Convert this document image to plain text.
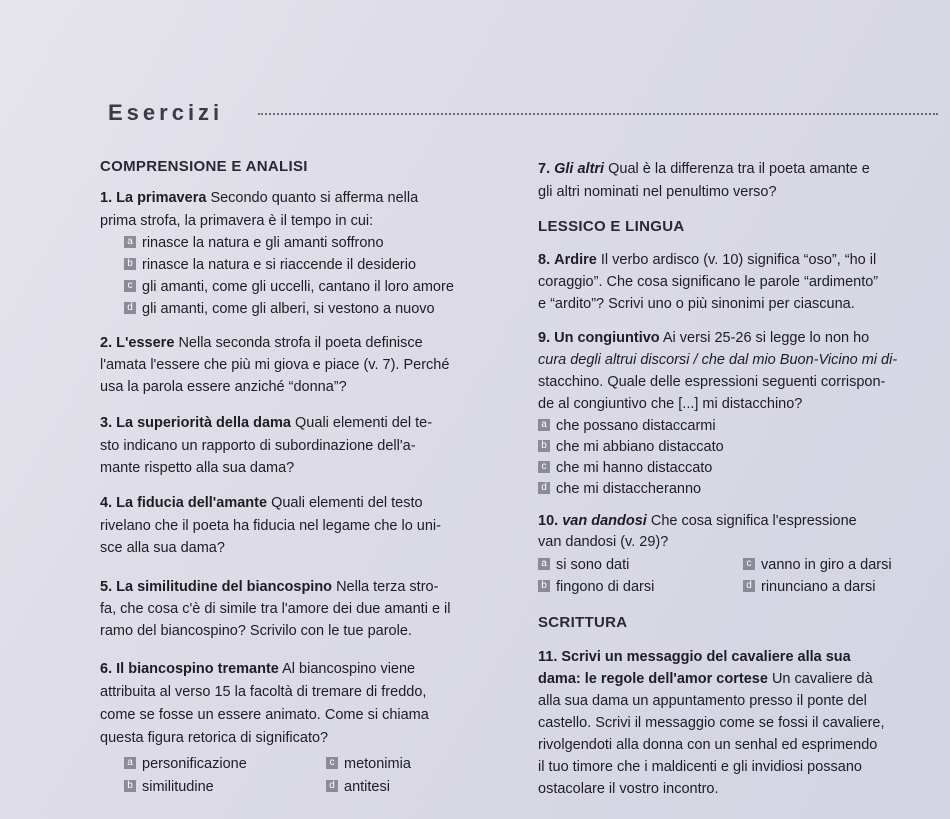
Esercizi
COMPRENSIONE E ANALISI
1. La primavera Secondo quanto si afferma nella
prima strofa, la primavera è il tempo in cui:
a rinasce la natura e gli amanti soffrono
b rinasce la natura e si riaccende il desiderio
c gli amanti, come gli uccelli, cantano il loro amore
d gli amanti, come gli alberi, si vestono a nuovo
2. L'essere Nella seconda strofa il poeta definisce
l'amata l'essere che più mi giova e piace (v. 7). Perché
usa la parola essere anziché “donna”?
3. La superiorità della dama Quali elementi del te-
sto indicano un rapporto di subordinazione dell'a-
mante rispetto alla sua dama?
4. La fiducia dell'amante Quali elementi del testo
rivelano che il poeta ha fiducia nel legame che lo uni-
sce alla sua dama?
5. La similitudine del biancospino Nella terza stro-
fa, che cosa c'è di simile tra l'amore dei due amanti e il
ramo del biancospino? Scrivilo con le tue parole.
6. Il biancospino tremante Al biancospino viene
attribuita al verso 15 la facoltà di tremare di freddo,
come se fosse un essere animato. Come si chiama
questa figura retorica di significato?
a personificazione
b similitudine
c metonimia
d antitesi
7. Gli altri Qual è la differenza tra il poeta amante e
gli altri nominati nel penultimo verso?
LESSICO E LINGUA
8. Ardire Il verbo ardisco (v. 10) significa “oso”, “ho il
coraggio”. Che cosa significano le parole “ardimento”
e “ardito”? Scrivi uno o più sinonimi per ciascuna.
9. Un congiuntivo Ai versi 25-26 si legge lo non ho
cura degli altrui discorsi / che dal mio Buon-Vicino mi di-
stacchino. Quale delle espressioni seguenti corrispon-
de al congiuntivo che [...] mi distacchino?
a che possano distaccarmi
b che mi abbiano distaccato
c che mi hanno distaccato
d che mi distaccheranno
10. van dandosi Che cosa significa l'espressione
van dandosi (v. 29)?
a si sono dati
b fingono di darsi
c vanno in giro a darsi
d rinunciano a darsi
SCRITTURA
11. Scrivi un messaggio del cavaliere alla sua
dama: le regole dell'amor cortese Un cavaliere dà
alla sua dama un appuntamento presso il ponte del
castello. Scrivi il messaggio come se fossi il cavaliere,
rivolgendoti alla donna con un senhal ed esprimendo
il tuo timore che i maldicenti e gli invidiosi possano
ostacolare il vostro incontro.
